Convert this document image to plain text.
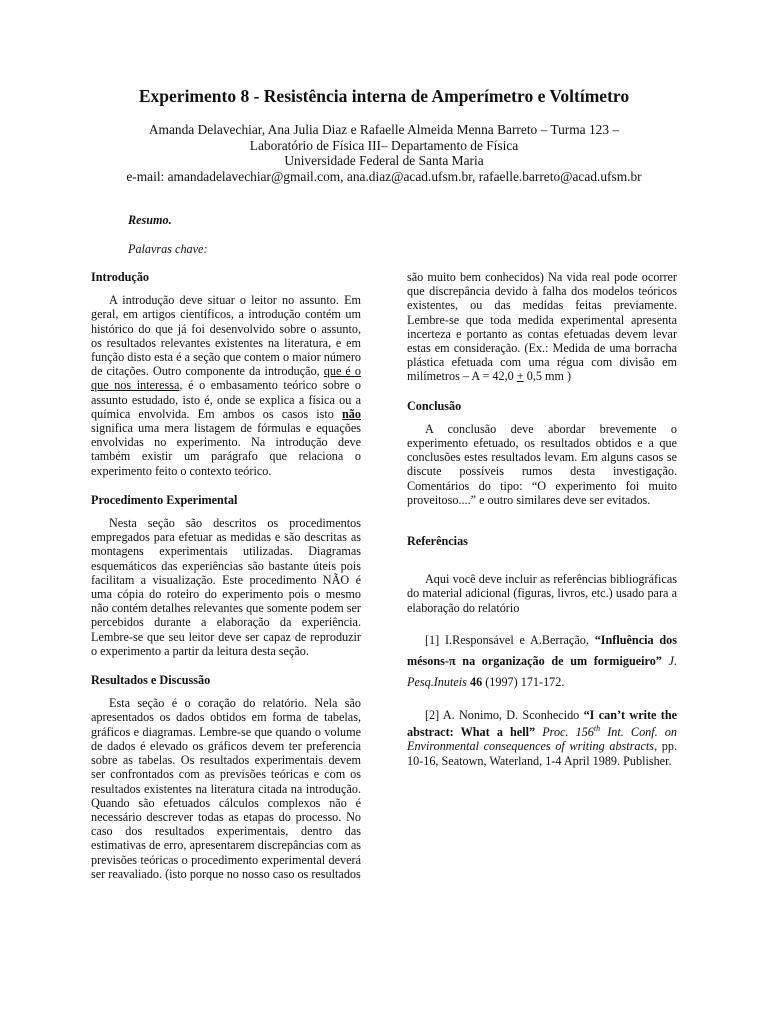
Experimento 8 - Resistência interna de Amperímetro e Voltímetro
Amanda Delavechiar, Ana Julia Diaz e Rafaelle Almeida Menna Barreto – Turma 123 –
Laboratório de Física III– Departamento de Física
Universidade Federal de Santa Maria
e-mail: amandadelavechiar@gmail.com, ana.diaz@acad.ufsm.br, rafaelle.barreto@acad.ufsm.br
Resumo.
Palavras chave:
Introdução

A introdução deve situar o leitor no assunto. Em geral, em artigos científicos, a introdução contém um histórico do que já foi desenvolvido sobre o assunto, os resultados relevantes existentes na literatura, e em função disto esta é a seção que contem o maior número de citações. Outro componente da introdução, que é o que nos interessa, é o embasamento teórico sobre o assunto estudado, isto é, onde se explica a física ou a química envolvida. Em ambos os casos isto não significa uma mera listagem de fórmulas e equações envolvidas no experimento. Na introdução deve também existir um parágrafo que relaciona o experimento feito o contexto teórico.

Procedimento Experimental

Nesta seção são descritos os procedimentos empregados para efetuar as medidas e são descritas as montagens experimentais utilizadas. Diagramas esquemáticos das experiências são bastante úteis pois facilitam a visualização. Este procedimento NÃO é uma cópia do roteiro do experimento pois o mesmo não contém detalhes relevantes que somente podem ser percebidos durante a elaboração da experiência. Lembre-se que seu leitor deve ser capaz de reproduzir o experimento a partir da leitura desta seção.

Resultados e Discussão

Esta seção é o coração do relatório. Nela são apresentados os dados obtidos em forma de tabelas, gráficos e diagramas. Lembre-se que quando o volume de dados é elevado os gráficos devem ter preferencia sobre as tabelas. Os resultados experimentais devem ser confrontados com as previsões teóricas e com os resultados existentes na literatura citada na introdução. Quando são efetuados cálculos complexos não é necessário descrever todas as etapas do processo. No caso dos resultados experimentais, dentro das estimativas de erro, apresentarem discrepâncias com as previsões teóricas o procedimento experimental deverá ser reavaliado. (isto porque no nosso caso os resultados

são muito bem conhecidos) Na vida real pode ocorrer que discrepância devido à falha dos modelos teóricos existentes, ou das medidas feitas previamente. Lembre-se que toda medida experimental apresenta incerteza e portanto as contas efetuadas devem levar estas em consideração. (Ex.: Medida de uma borracha plástica efetuada com uma régua com divisão em milímetros – A = 42,0 + 0,5 mm )

Conclusão

A conclusão deve abordar brevemente o experimento efetuado, os resultados obtidos e a que conclusões estes resultados levam. Em alguns casos se discute possíveis rumos desta investigação. Comentários do tipo: “O experimento foi muito proveitoso....” e outro similares deve ser evitados.

Referências

Aqui você deve incluir as referências bibliográficas do material adicional (figuras, livros, etc.) usado para a elaboração do relatório

[1] I.Responsável e A.Berração, “Influência dos mésons-π na organização de um formigueiro” J. Pesq.Inuteis 46 (1997) 171-172.

[2] A. Nonimo, D. Sconhecido “I can’t write the abstract: What a hell” Proc. 156th Int. Conf. on Environmental consequences of writing abstracts, pp. 10-16, Seatown, Waterland, 1-4 April 1989. Publisher.
